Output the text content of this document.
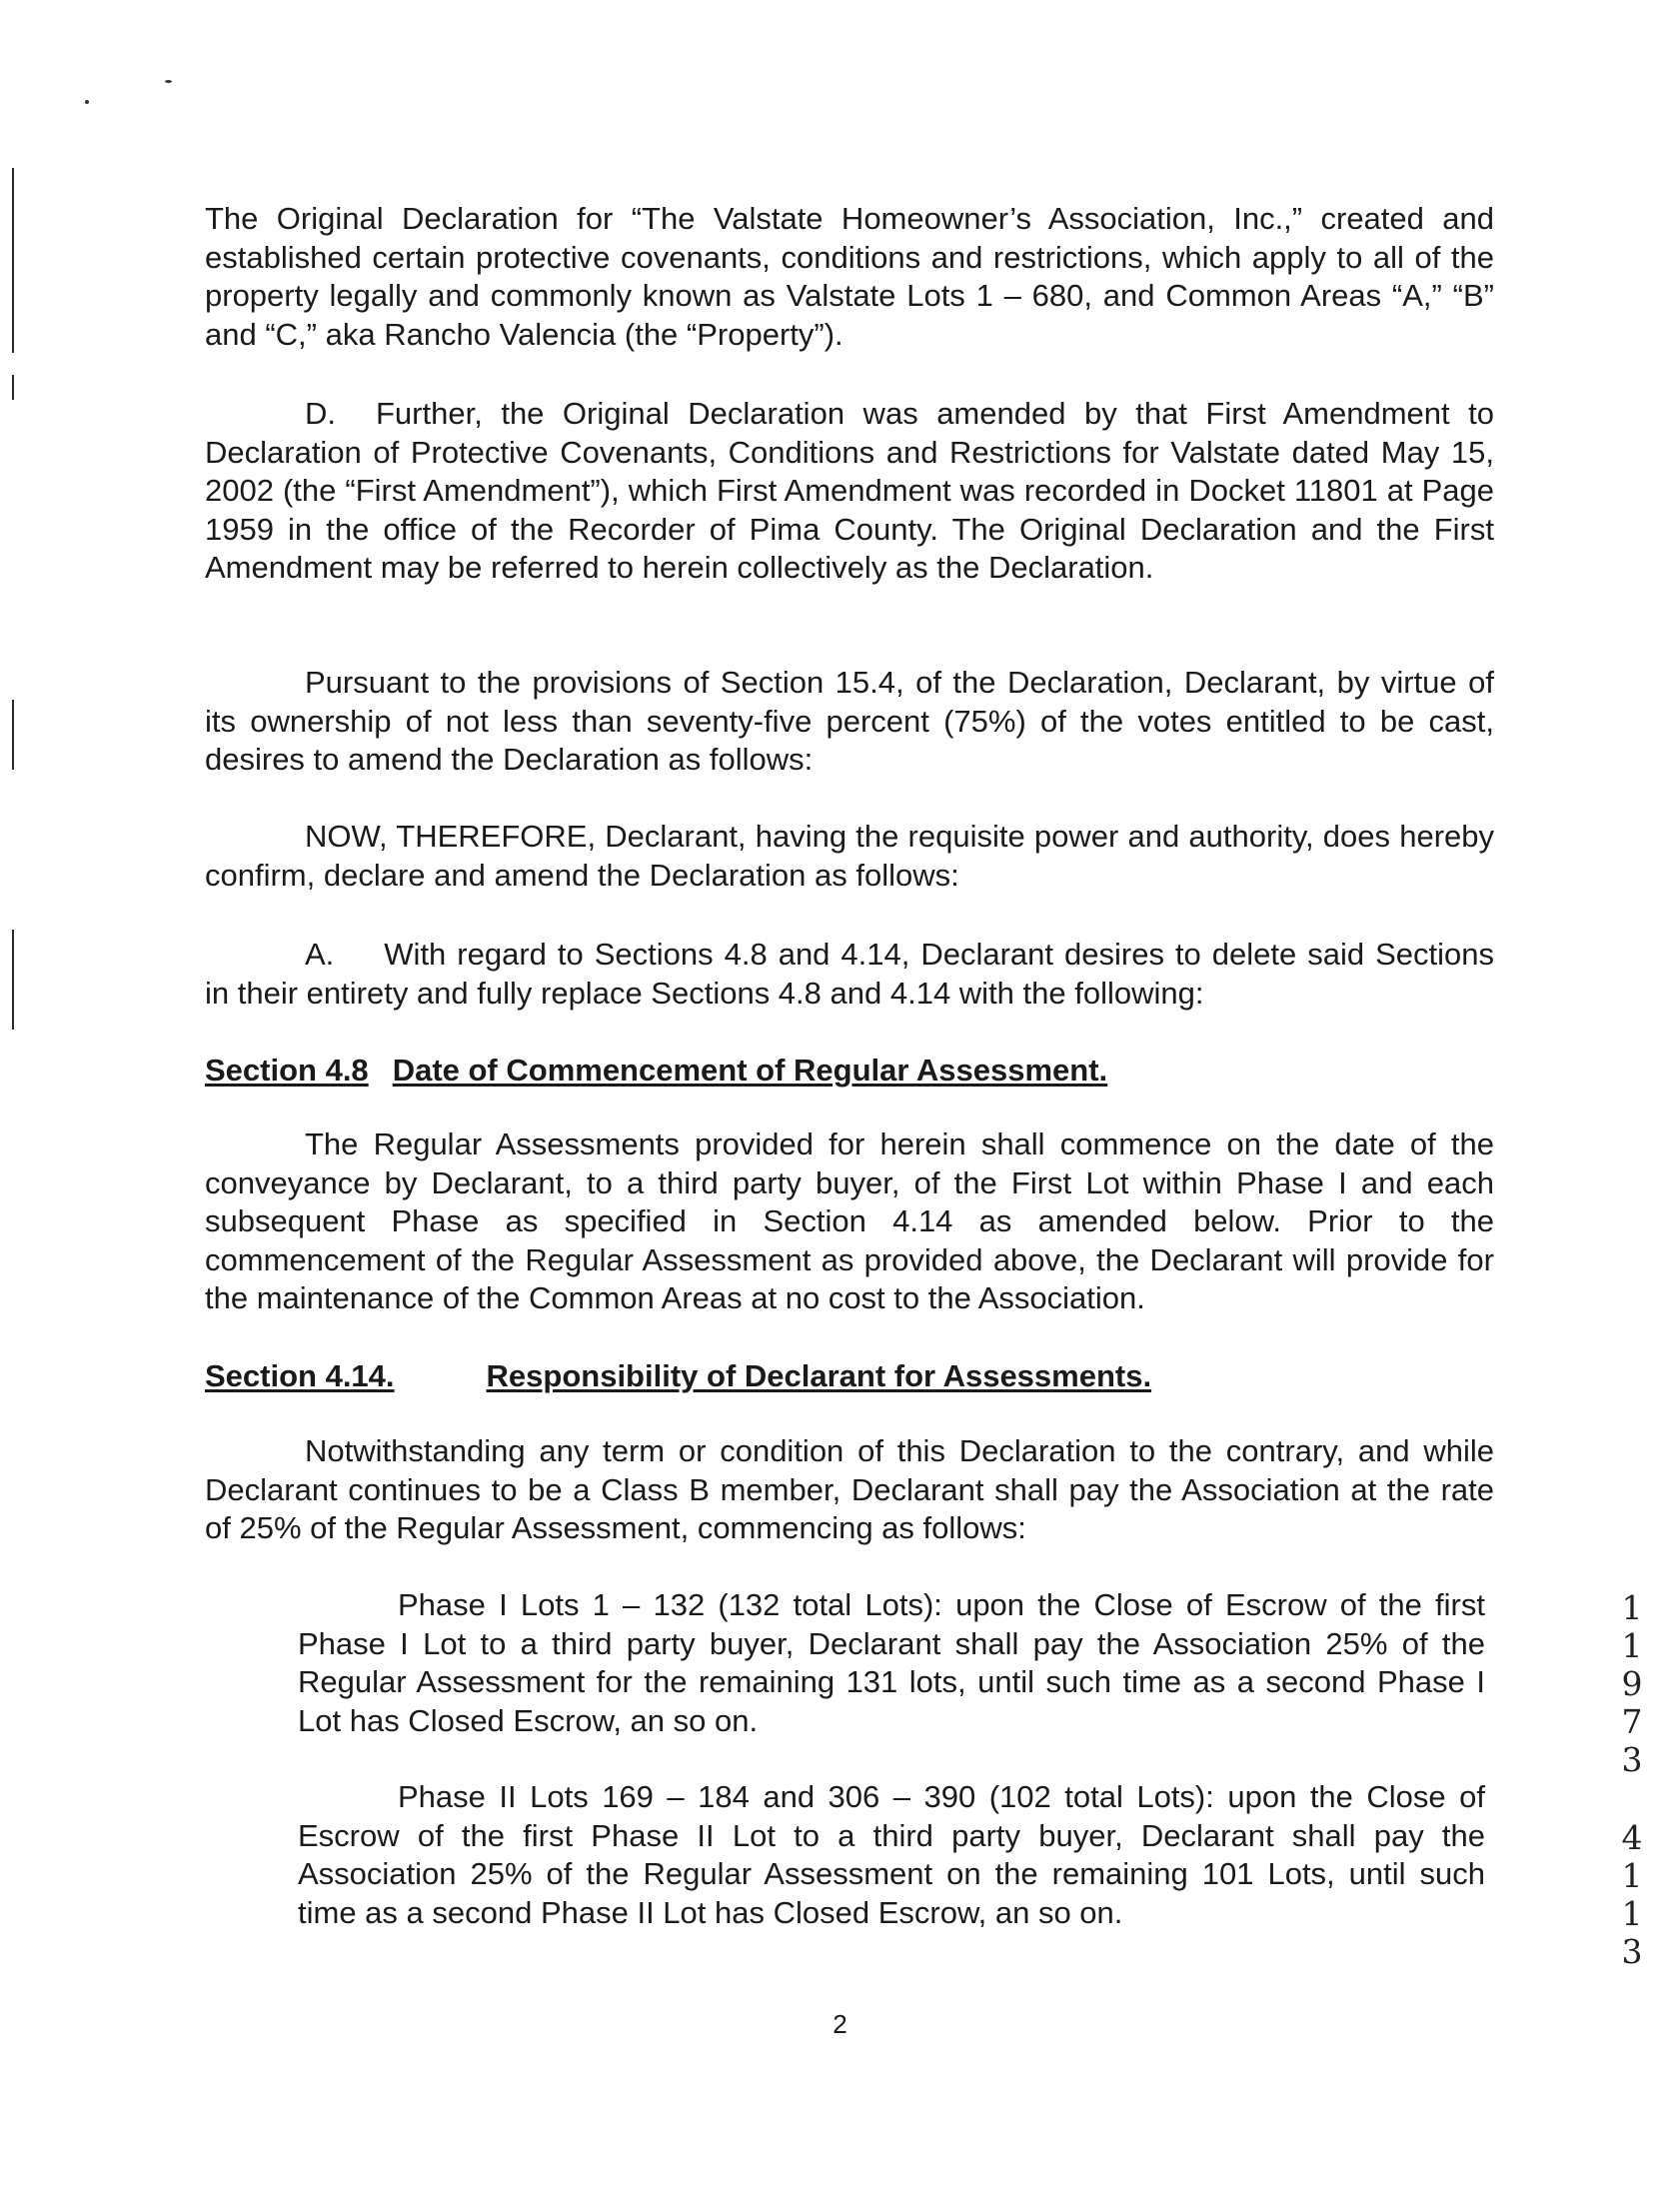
The Original Declaration for “The Valstate Homeowner’s Association, Inc.,” created and established certain protective covenants, conditions and restrictions, which apply to all of the property legally and commonly known as Valstate Lots 1 – 680, and Common Areas “A,” “B” and “C,” aka Rancho Valencia (the “Property”).

D. Further, the Original Declaration was amended by that First Amendment to Declaration of Protective Covenants, Conditions and Restrictions for Valstate dated May 15, 2002 (the “First Amendment”), which First Amendment was recorded in Docket 11801 at Page 1959 in the office of the Recorder of Pima County. The Original Declaration and the First Amendment may be referred to herein collectively as the Declaration.

Pursuant to the provisions of Section 15.4, of the Declaration, Declarant, by virtue of its ownership of not less than seventy-five percent (75%) of the votes entitled to be cast, desires to amend the Declaration as follows:

NOW, THEREFORE, Declarant, having the requisite power and authority, does hereby confirm, declare and amend the Declaration as follows:

A. With regard to Sections 4.8 and 4.14, Declarant desires to delete said Sections in their entirety and fully replace Sections 4.8 and 4.14 with the following:

Section 4.8 Date of Commencement of Regular Assessment.

The Regular Assessments provided for herein shall commence on the date of the conveyance by Declarant, to a third party buyer, of the First Lot within Phase I and each subsequent Phase as specified in Section 4.14 as amended below. Prior to the commencement of the Regular Assessment as provided above, the Declarant will provide for the maintenance of the Common Areas at no cost to the Association.

Section 4.14.	Responsibility of Declarant for Assessments.

Notwithstanding any term or condition of this Declaration to the contrary, and while Declarant continues to be a Class B member, Declarant shall pay the Association at the rate of 25% of the Regular Assessment, commencing as follows:

Phase I Lots 1 – 132 (132 total Lots): upon the Close of Escrow of the first Phase I Lot to a third party buyer, Declarant shall pay the Association 25% of the Regular Assessment for the remaining 131 lots, until such time as a second Phase I Lot has Closed Escrow, an so on.

Phase II Lots 169 – 184 and 306 – 390 (102 total Lots): upon the Close of Escrow of the first Phase II Lot to a third party buyer, Declarant shall pay the Association 25% of the Regular Assessment on the remaining 101 Lots, until such time as a second Phase II Lot has Closed Escrow, an so on.

2
1
1
9
7
3
4
1
1
3
